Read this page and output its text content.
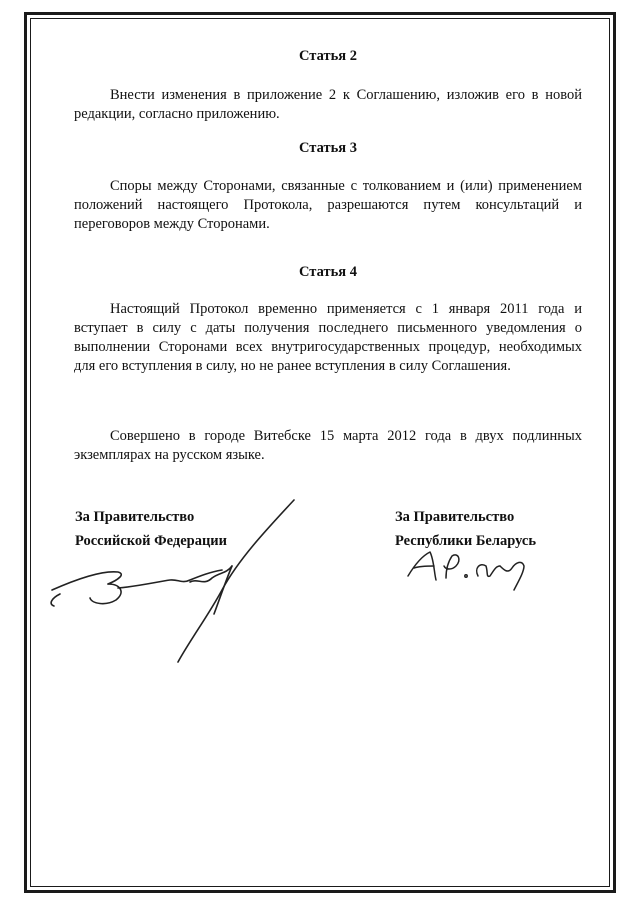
Статья 2

Внести изменения в приложение 2 к Соглашению, изложив его в новой редакции, согласно приложению.

Статья 3

Споры между Сторонами, связанные с толкованием и (или) применением положений настоящего Протокола, разрешаются путем консультаций и переговоров между Сторонами.

Статья 4

Настоящий Протокол временно применяется с 1 января 2011 года и вступает в силу с даты получения последнего письменного уведомления о выполнении Сторонами всех внутригосударственных процедур, необходимых для его вступления в силу, но не ранее вступления в силу Соглашения.

Совершено в городе Витебске 15 марта 2012 года в двух подлинных экземплярах на русском языке.

За Правительство
Российской Федерации
За Правительство
Республики Беларусь
